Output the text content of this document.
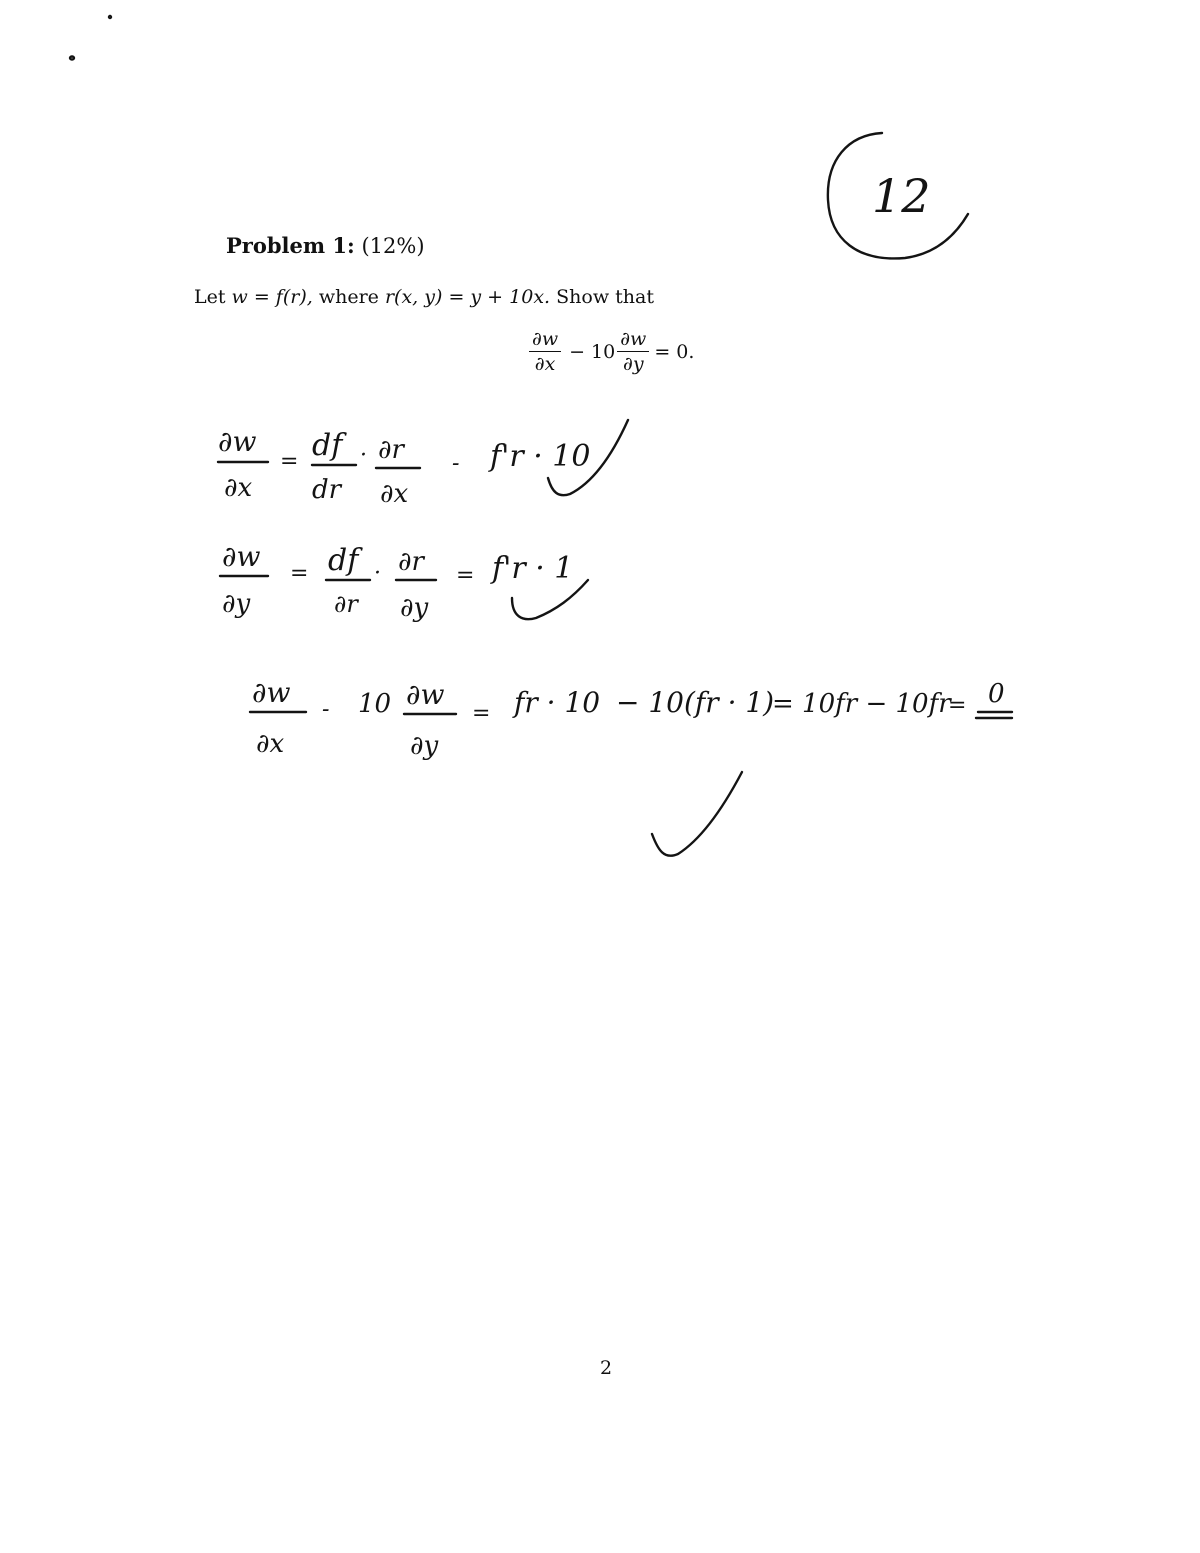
Problem 1: (12%)
Let w = f(r), where r(x, y) = y + 10x. Show that
$\frac{\partial w}{\partial x} - 10 \frac{\partial w}{\partial y} = 0$.
12
∂w
∂x
= df
dr
· ∂r
∂x
- f'r · 10
∂w
∂y
= df
∂r
· ∂r
∂y
= f'r · 1
∂w
∂x
- 10 ∂w
∂y
= fr · 10 − 10(fr · 1)
= 10fr − 10fr
= 0
2
